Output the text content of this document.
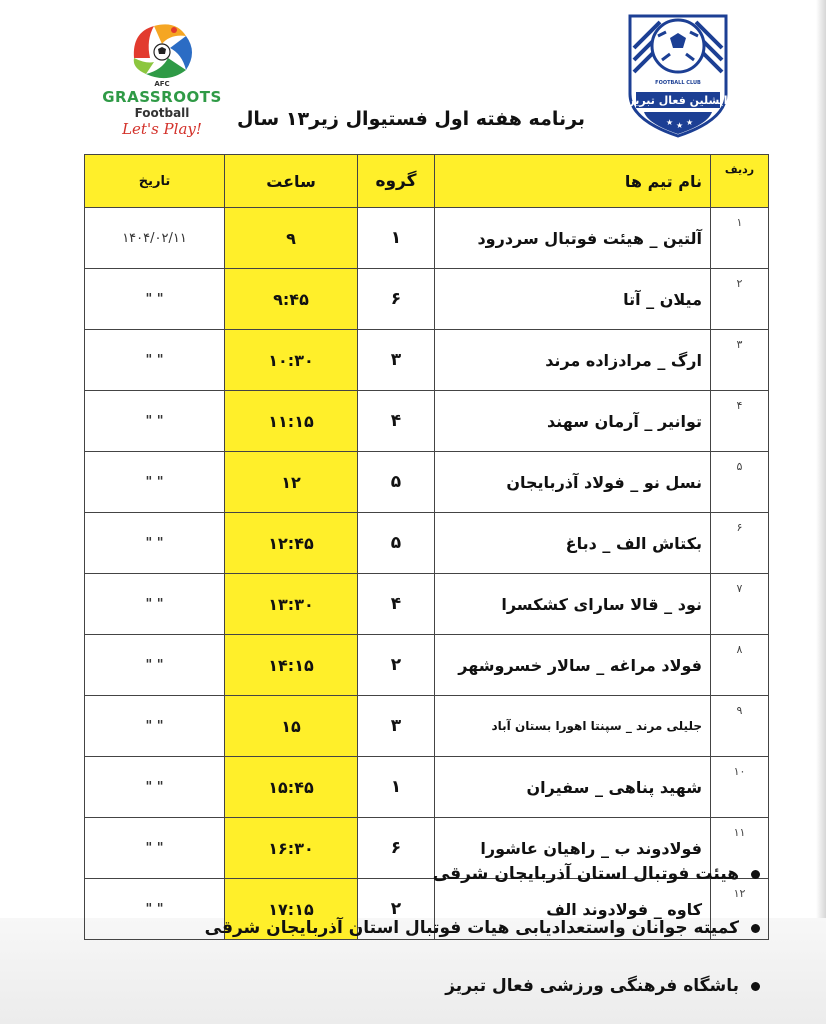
AFC
GRASSROOTS
Football
Let's Play!	★ ★ ★
FOOTBALL CLUB
ایشلین فعال تبریز
برنامه هفته اول فستیوال زیر۱۳ سال
ردیف	نام تیم ها	گروه	ساعت	تاریخ
۱	آلتین _ هیئت فوتبال سردرود	۱	۹	۱۴۰۴/۰۲/۱۱
۲	میلان _ آتا	۶	۹:۴۵	" "
۳	ارگ _ مرادزاده مرند	۳	۱۰:۳۰	" "
۴	توانیر _ آرمان سهند	۴	۱۱:۱۵	" "
۵	نسل نو _ فولاد آذربایجان	۵	۱۲	" "
۶	بکتاش الف _ دباغ	۵	۱۲:۴۵	" "
۷	نود _ قالا سارای کشکسرا	۴	۱۳:۳۰	" "
۸	فولاد مراغه _ سالار خسروشهر	۲	۱۴:۱۵	" "
۹	جلیلی مرند _ سپنتا اهورا بستان آباد	۳	۱۵	" "
۱۰	شهید پناهی _ سفیران	۱	۱۵:۴۵	" "
۱۱	فولادوند ب _ راهیان عاشورا	۶	۱۶:۳۰	" "
۱۲	کاوه _ فولادوند الف	۲	۱۷:۱۵	" "
هیئت فوتبال استان آذربایجان شرقی
کمیته جوانان واستعدادیابی هیات فوتبال استان آذربایجان شرقی
باشگاه فرهنگی ورزشی فعال تبریز
